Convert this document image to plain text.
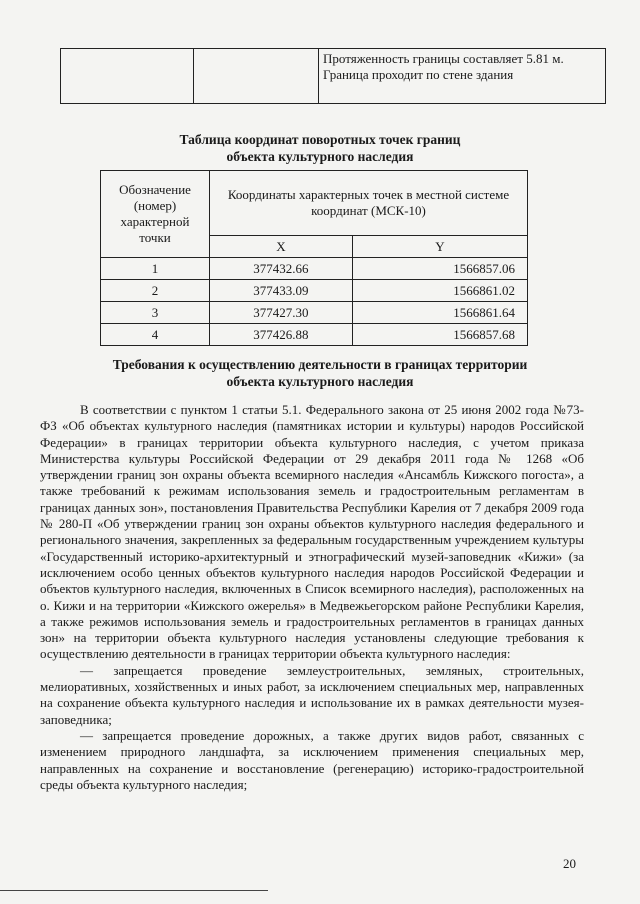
		Протяженность границы составляет 5.81 м. Граница проходит по стене здания
Таблица координат поворотных точек границ
объекта культурного наследия
Обозначение (номер) характерной точки	Координаты характерных точек в местной системе координат (МСК-10)	
	X	Y
1	377432.66	1566857.06
2	377433.09	1566861.02
3	377427.30	1566861.64
4	377426.88	1566857.68
Требования к осуществлению деятельности в границах территории
объекта культурного наследия

В соответствии с пунктом 1 статьи 5.1. Федерального закона от 25 июня 2002 года №73-ФЗ «Об объектах культурного наследия (памятниках истории и культуры) народов Российской Федерации» в границах территории объекта культурного наследия, с учетом приказа Министерства культуры Российской Федерации от 29 декабря 2011 года № 1268 «Об утверждении границ зон охраны объекта всемирного наследия «Ансамбль Кижского погоста», а также требований к режимам использования земель и градостроительным регламентам в границах данных зон», постановления Правительства Республики Карелия от 7 декабря 2009 года № 280-П «Об утверждении границ зон охраны объектов культурного наследия федерального и регионального значения, закрепленных за федеральным государственным учреждением культуры «Государственный историко-архитектурный и этнографический музей-заповедник «Кижи» (за исключением особо ценных объектов культурного наследия народов Российской Федерации и объектов культурного наследия, включенных в Список всемирного наследия), расположенных на о. Кижи и на территории «Кижского ожерелья» в Медвежьегорском районе Республики Карелия, а также режимов использования земель и градостроительных регламентов в границах данных зон» на территории объекта культурного наследия установлены следующие требования к осуществлению деятельности в границах территории объекта культурного наследия:

— запрещается проведение землеустроительных, земляных, строительных, мелиоративных, хозяйственных и иных работ, за исключением специальных мер, направленных на сохранение объекта культурного наследия и использование их в рамках деятельности музея-заповедника;

— запрещается проведение дорожных, а также других видов работ, связанных с изменением природного ландшафта, за исключением применения специальных мер, направленных на сохранение и восстановление (регенерацию) историко-градостроительной среды объекта культурного наследия;

20
